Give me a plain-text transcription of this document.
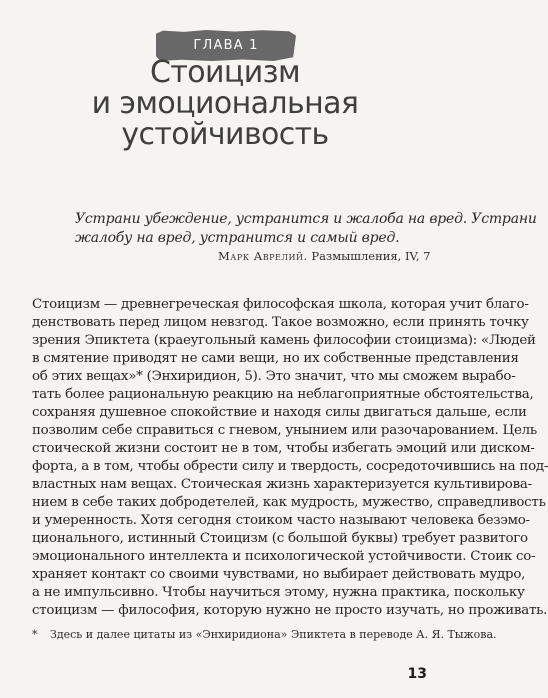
ГЛАВА 1
Стоицизм
и эмоциональная
устойчивость
Устрани убеждение, устранится и жалоба на вред. Устрани
жалобу на вред, устранится и самый вред.
Марк Аврелий. Размышления, IV, 7
Стоицизм — древнегреческая философская школа, которая учит благо-
денствовать перед лицом невзгод. Такое возможно, если принять точку
зрения Эпиктета (краеугольный камень философии стоицизма): «Людей
в смятение приводят не сами вещи, но их собственные представления
об этих вещах»* (Энхиридион, 5). Это значит, что мы сможем вырабо-
тать более рациональную реакцию на неблагоприятные обстоятельства,
сохраняя душевное спокойствие и находя силы двигаться дальше, если
позволим себе справиться с гневом, унынием или разочарованием. Цель
стоической жизни состоит не в том, чтобы избегать эмоций или диском-
форта, а в том, чтобы обрести силу и твердость, сосредоточившись на под-
властных нам вещах. Стоическая жизнь характеризуется культивирова-
нием в себе таких добродетелей, как мудрость, мужество, справедливость
и умеренность. Хотя сегодня стоиком часто называют человека безэмо-
ционального, истинный Стоицизм (с большой буквы) требует развитого
эмоционального интеллекта и психологической устойчивости. Стоик со-
храняет контакт со своими чувствами, но выбирает действовать мудро,
а не импульсивно. Чтобы научиться этому, нужна практика, поскольку
стоицизм — философия, которую нужно не просто изучать, но проживать.
* Здесь и далее цитаты из «Энхиридиона» Эпиктета в переводе А. Я. Тыжова.
13
